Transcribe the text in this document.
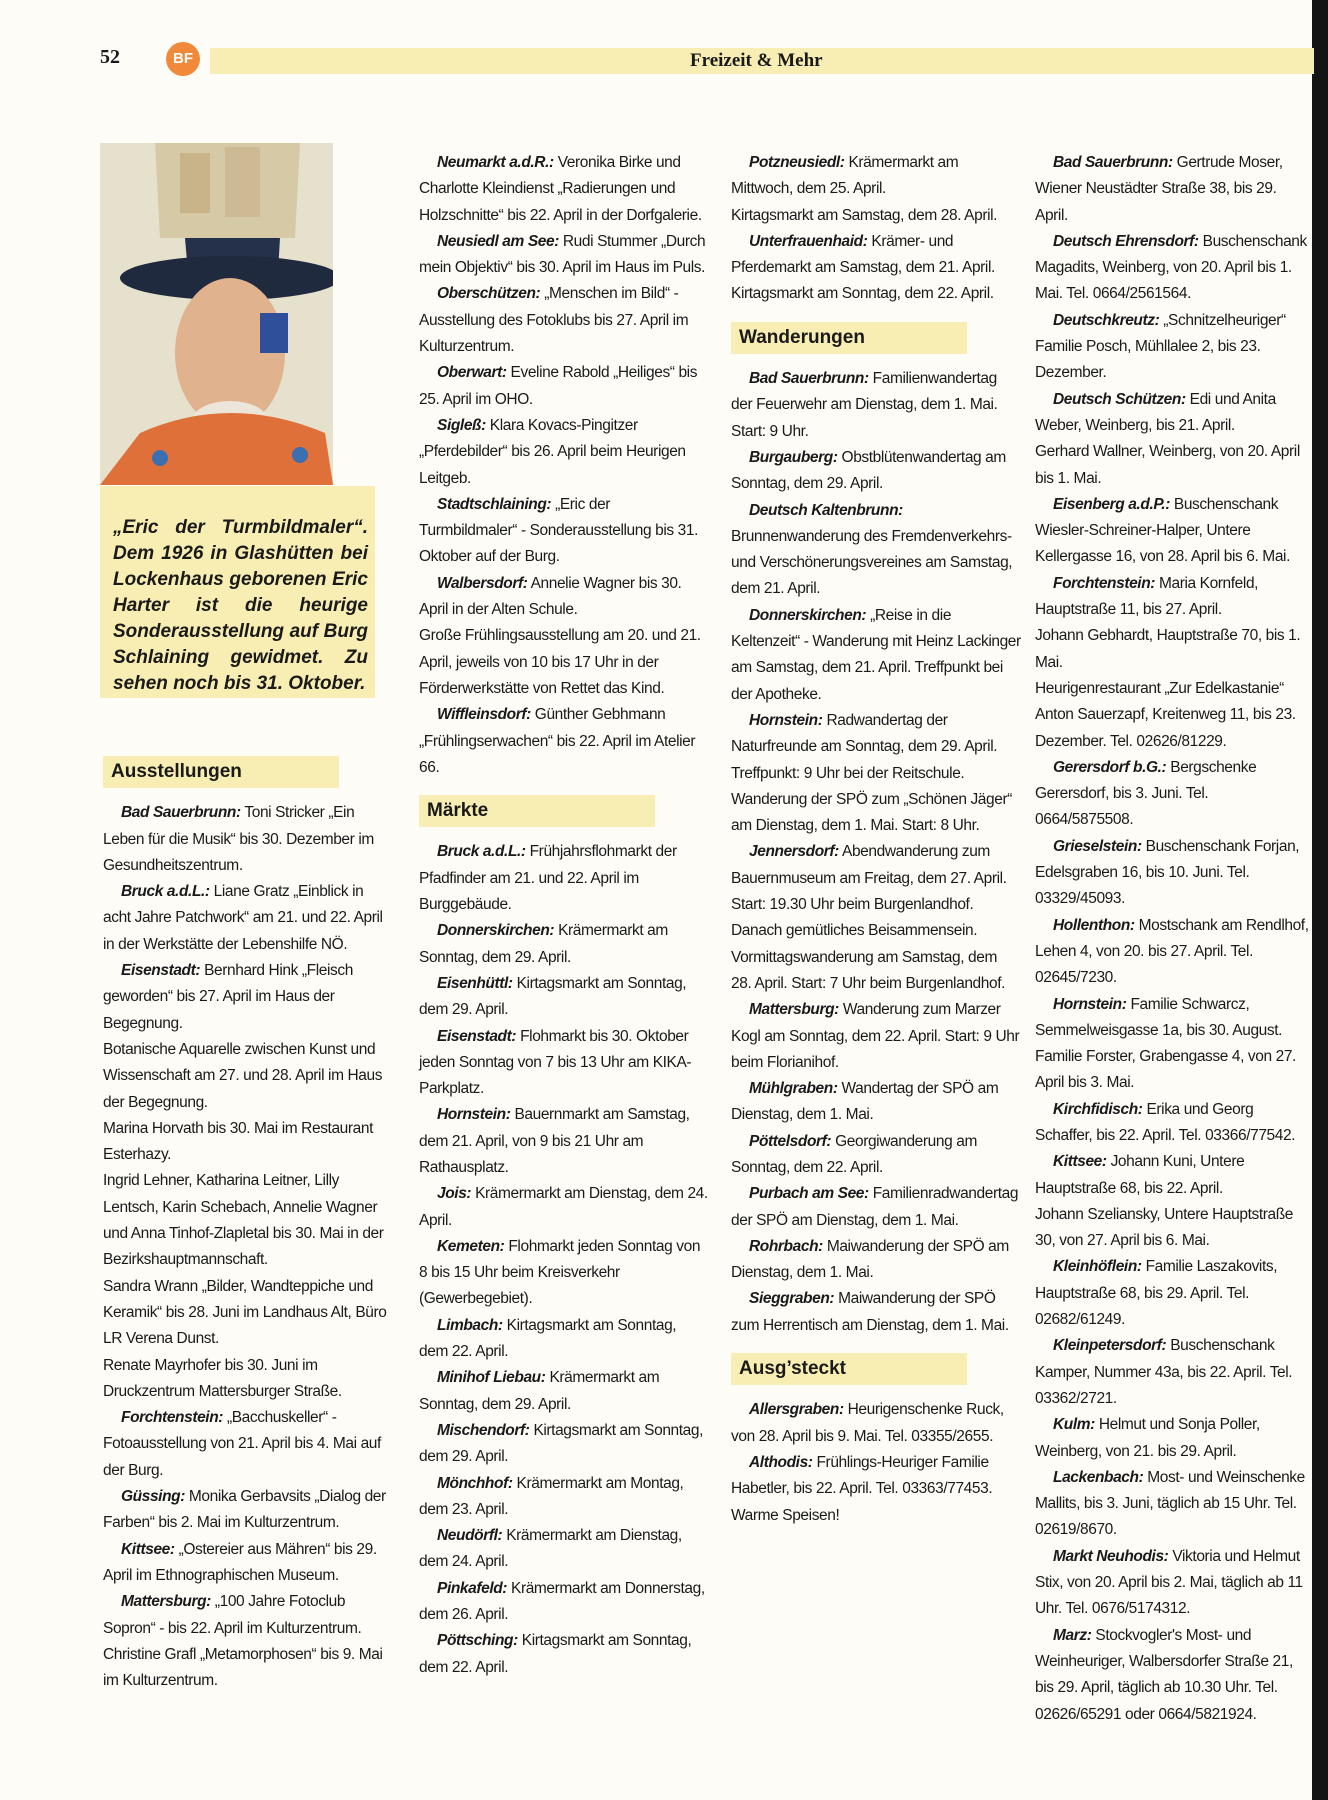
52	BF	Freizeit & Mehr

„Eric der Turmbildmaler“. Dem 1926 in Glashütten bei Lockenhaus geborenen Eric Harter ist die heurige Sonderausstellung auf Burg Schlaining gewidmet. Zu sehen noch bis 31. Oktober.

Ausstellungen

Bad Sauerbrunn: Toni Stricker „Ein Leben für die Musik“ bis 30. Dezember im Gesundheitszentrum.

Bruck a.d.L.: Liane Gratz „Einblick in acht Jahre Patchwork“ am 21. und 22. April in der Werkstätte der Lebenshilfe NÖ.

Eisenstadt: Bernhard Hink „Fleisch geworden“ bis 27. April im Haus der Begegnung.

Botanische Aquarelle zwischen Kunst und Wissenschaft am 27. und 28. April im Haus der Begegnung.

Marina Horvath bis 30. Mai im Restaurant Esterhazy.

Ingrid Lehner, Katharina Leitner, Lilly Lentsch, Karin Schebach, Annelie Wagner und Anna Tinhof-Zlapletal bis 30. Mai in der Bezirkshauptmannschaft.

Sandra Wrann „Bilder, Wandteppiche und Keramik“ bis 28. Juni im Landhaus Alt, Büro LR Verena Dunst.

Renate Mayrhofer bis 30. Juni im Druckzentrum Mattersburger Straße.

Forchtenstein: „Bacchuskeller“ - Fotoausstellung von 21. April bis 4. Mai auf der Burg.

Güssing: Monika Gerbavsits „Dialog der Farben“ bis 2. Mai im Kulturzentrum.

Kittsee: „Ostereier aus Mähren“ bis 29. April im Ethnographischen Museum.

Mattersburg: „100 Jahre Fotoclub Sopron“ - bis 22. April im Kulturzentrum.

Christine Grafl „Metamorphosen“ bis 9. Mai im Kulturzentrum.

Neumarkt a.d.R.: Veronika Birke und Charlotte Kleindienst „Radierungen und Holzschnitte“ bis 22. April in der Dorfgalerie.

Neusiedl am See: Rudi Stummer „Durch mein Objektiv“ bis 30. April im Haus im Puls.

Oberschützen: „Menschen im Bild“ - Ausstellung des Fotoklubs bis 27. April im Kulturzentrum.

Oberwart: Eveline Rabold „Heiliges“ bis 25. April im OHO.

Sigleß: Klara Kovacs-Pingitzer „Pferdebilder“ bis 26. April beim Heurigen Leitgeb.

Stadtschlaining: „Eric der Turmbildmaler“ - Sonderausstellung bis 31. Oktober auf der Burg.

Walbersdorf: Annelie Wagner bis 30. April in der Alten Schule.

Große Frühlingsausstellung am 20. und 21. April, jeweils von 10 bis 17 Uhr in der Förderwerkstätte von Rettet das Kind.

Wiffleinsdorf: Günther Gebhmann „Frühlingserwachen“ bis 22. April im Atelier 66.

Märkte

Bruck a.d.L.: Frühjahrsflohmarkt der Pfadfinder am 21. und 22. April im Burggebäude.

Donnerskirchen: Krämermarkt am Sonntag, dem 29. April.

Eisenhüttl: Kirtagsmarkt am Sonntag, dem 29. April.

Eisenstadt: Flohmarkt bis 30. Oktober jeden Sonntag von 7 bis 13 Uhr am KIKA-Parkplatz.

Hornstein: Bauernmarkt am Samstag, dem 21. April, von 9 bis 21 Uhr am Rathausplatz.

Jois: Krämermarkt am Dienstag, dem 24. April.

Kemeten: Flohmarkt jeden Sonntag von 8 bis 15 Uhr beim Kreisverkehr (Gewerbegebiet).

Limbach: Kirtagsmarkt am Sonntag, dem 22. April.

Minihof Liebau: Krämermarkt am Sonntag, dem 29. April.

Mischendorf: Kirtagsmarkt am Sonntag, dem 29. April.

Mönchhof: Krämermarkt am Montag, dem 23. April.

Neudörfl: Krämermarkt am Dienstag, dem 24. April.

Pinkafeld: Krämermarkt am Donnerstag, dem 26. April.

Pöttsching: Kirtagsmarkt am Sonntag, dem 22. April.

Potzneusiedl: Krämermarkt am Mittwoch, dem 25. April.

Kirtagsmarkt am Samstag, dem 28. April.

Unterfrauenhaid: Krämer- und Pferdemarkt am Samstag, dem 21. April.

Kirtagsmarkt am Sonntag, dem 22. April.

Wanderungen

Bad Sauerbrunn: Familienwandertag der Feuerwehr am Dienstag, dem 1. Mai. Start: 9 Uhr.

Burgauberg: Obstblütenwandertag am Sonntag, dem 29. April.

Deutsch Kaltenbrunn: Brunnenwanderung des Fremdenverkehrs- und Verschönerungsvereines am Samstag, dem 21. April.

Donnerskirchen: „Reise in die Keltenzeit“ - Wanderung mit Heinz Lackinger am Samstag, dem 21. April. Treffpunkt bei der Apotheke.

Hornstein: Radwandertag der Naturfreunde am Sonntag, dem 29. April. Treffpunkt: 9 Uhr bei der Reitschule.

Wanderung der SPÖ zum „Schönen Jäger“ am Dienstag, dem 1. Mai. Start: 8 Uhr.

Jennersdorf: Abendwanderung zum Bauernmuseum am Freitag, dem 27. April. Start: 19.30 Uhr beim Burgenlandhof. Danach gemütliches Beisammensein.

Vormittagswanderung am Samstag, dem 28. April. Start: 7 Uhr beim Burgenlandhof.

Mattersburg: Wanderung zum Marzer Kogl am Sonntag, dem 22. April. Start: 9 Uhr beim Florianihof.

Mühlgraben: Wandertag der SPÖ am Dienstag, dem 1. Mai.

Pöttelsdorf: Georgiwanderung am Sonntag, dem 22. April.

Purbach am See: Familienradwandertag der SPÖ am Dienstag, dem 1. Mai.

Rohrbach: Maiwanderung der SPÖ am Dienstag, dem 1. Mai.

Sieggraben: Maiwanderung der SPÖ zum Herrentisch am Dienstag, dem 1. Mai.

Ausg’steckt

Allersgraben: Heurigenschenke Ruck, von 28. April bis 9. Mai. Tel. 03355/2655.

Althodis: Frühlings-Heuriger Familie Habetler, bis 22. April. Tel. 03363/77453. Warme Speisen!

Bad Sauerbrunn: Gertrude Moser, Wiener Neustädter Straße 38, bis 29. April.

Deutsch Ehrensdorf: Buschenschank Magadits, Weinberg, von 20. April bis 1. Mai. Tel. 0664/2561564.

Deutschkreutz: „Schnitzelheuriger“ Familie Posch, Mühllalee 2, bis 23. Dezember.

Deutsch Schützen: Edi und Anita Weber, Weinberg, bis 21. April.

Gerhard Wallner, Weinberg, von 20. April bis 1. Mai.

Eisenberg a.d.P.: Buschenschank Wiesler-Schreiner-Halper, Untere Kellergasse 16, von 28. April bis 6. Mai.

Forchtenstein: Maria Kornfeld, Hauptstraße 11, bis 27. April.

Johann Gebhardt, Hauptstraße 70, bis 1. Mai.

Heurigenrestaurant „Zur Edelkastanie“ Anton Sauerzapf, Kreitenweg 11, bis 23. Dezember. Tel. 02626/81229.

Gerersdorf b.G.: Bergschenke Gerersdorf, bis 3. Juni. Tel. 0664/5875508.

Grieselstein: Buschenschank Forjan, Edelsgraben 16, bis 10. Juni. Tel. 03329/45093.

Hollenthon: Mostschank am Rendlhof, Lehen 4, von 20. bis 27. April. Tel. 02645/7230.

Hornstein: Familie Schwarcz, Semmelweisgasse 1a, bis 30. August.

Familie Forster, Grabengasse 4, von 27. April bis 3. Mai.

Kirchfidisch: Erika und Georg Schaffer, bis 22. April. Tel. 03366/77542.

Kittsee: Johann Kuni, Untere Hauptstraße 68, bis 22. April.

Johann Szeliansky, Untere Hauptstraße 30, von 27. April bis 6. Mai.

Kleinhöflein: Familie Laszakovits, Hauptstraße 68, bis 29. April. Tel. 02682/61249.

Kleinpetersdorf: Buschenschank Kamper, Nummer 43a, bis 22. April. Tel. 03362/2721.

Kulm: Helmut und Sonja Poller, Weinberg, von 21. bis 29. April.

Lackenbach: Most- und Weinschenke Mallits, bis 3. Juni, täglich ab 15 Uhr. Tel. 02619/8670.

Markt Neuhodis: Viktoria und Helmut Stix, von 20. April bis 2. Mai, täglich ab 11 Uhr. Tel. 0676/5174312.

Marz: Stockvogler's Most- und Weinheuriger, Walbersdorfer Straße 21, bis 29. April, täglich ab 10.30 Uhr. Tel. 02626/65291 oder 0664/5821924.
